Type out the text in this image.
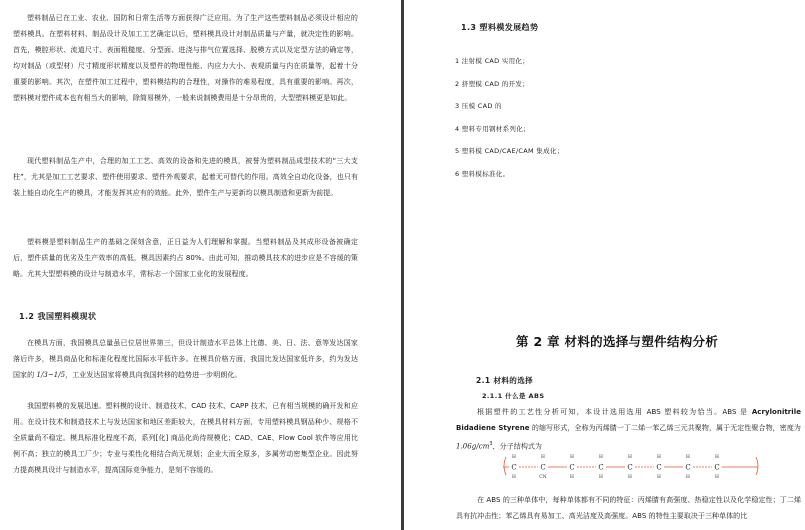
塑料制品已在工业、农业、国防和日常生活等方面获得广泛应用。为了生产这些塑料制品必须设计相应的塑料模具。在塑料材料、制品设计及加工工艺确定以后，塑料模具设计对制品质量与产量，就决定性的影响。首先，模腔形状、流道尺寸、表面粗糙度、分型面、进浇与排气位置选择、脱模方式以及定型方法的确定等，均对制品（或型材）尺寸精度形状精度以及塑件的物理性能、内应力大小、表观质量与内在质量等，起着十分重要的影响。其次，在塑件加工过程中，塑料模结构的合理性，对操作的难易程度，具有重要的影响。再次，塑料模对塑件成本也有相当大的影响，除简易模外，一般来说制模费用是十分昂贵的，大型塑料模更是如此。

现代塑料制品生产中，合理的加工工艺、高效的设备和先进的模具，被誉为塑料制品成型技术的“三大支柱”，尤其是加工工艺要求、塑件使用要求、塑件外观要求，起着无可替代的作用。高效全自动化设备，也只有装上能自动化生产的模具，才能发挥其应有的效能。此外，塑件生产与更新均以模具制造和更新为前提。

塑料模是塑料制品生产的基础之深刻含意，正日益为人们理解和掌握。当塑料制品及其成形设备被确定后，塑件质量的优劣及生产效率的高低，模具因素约占 80%。由此可知，推动模具技术的进步应是不容缓的策略。尤其大型塑料模的设计与制造水平，常标志一个国家工业化的发展程度。

1.2 我国塑料模现状

在模具方面，我国模具总量虽已位居世界第三，但设计制造水平总体上比德、美、日、法、意等发达国家落后许多，模具商品化和标准化程度比国际水平低许多。在模具价格方面，我国比发达国家低许多，约为发达国家的 1/3~1/5，工业发达国家将模具向我国转移的趋势进一步明朗化。

我国塑料模的发展迅速。塑料模的设计、制造技术、CAD 技术、CAPP 技术，已有相当规模的确开发和应用。在设计技术和制造技术上与发达国家和地区差距较大，在模具材料方面，专用塑料模具钢品种少、规格不全质量尚不稳定。模具标准化程度不高，系列[化] 商品化尚待规模化；CAD、CAE、Flow Cool 软件等应用比例不高；独立的模具工厂少；专业与柔性化相结合尚无规划；企业大而全原多，多属劳动密集型企业。因此努力提高模具设计与制造水平，提高国际竞争能力，是刻不容缓的。

1.3 塑料模发展趋势
1 注射模 CAD 实用化；
2 挤塑模 CAD 的开发；
3 压模 CAD 的
4 塑料专用钢材系列化；
5 塑料模 CAD/CAE/CAM 集成化；
6 塑料模标准化。
第 2 章 材料的选择与塑件结构分析
2.1 材料的选择
2.1.1 什么是 ABS

根据塑件的工艺性分析可知，本设计选用选用 ABS 塑料较为恰当。ABS 是 Acrylonitrile Bidadiene Styrene 的缩写形式，全称为丙烯腈一丁二烯一苯乙烯三元共聚物，属于无定性聚合物，密度为 $1.06g/cm^3$，分子结构式为

C
H
H
C
H
CN
C
H
H
C
H
H
C
H
H
C
H
H
C
H
H
C
H
H

在 ABS 的三种单体中，每种单体都有不同的特征：丙烯腈有高强度、热稳定性以及化学稳定性；丁二烯具有抗冲击性；苯乙烯具有易加工、高光洁度及高强度。ABS 的特性主要取决于三种单体的比
